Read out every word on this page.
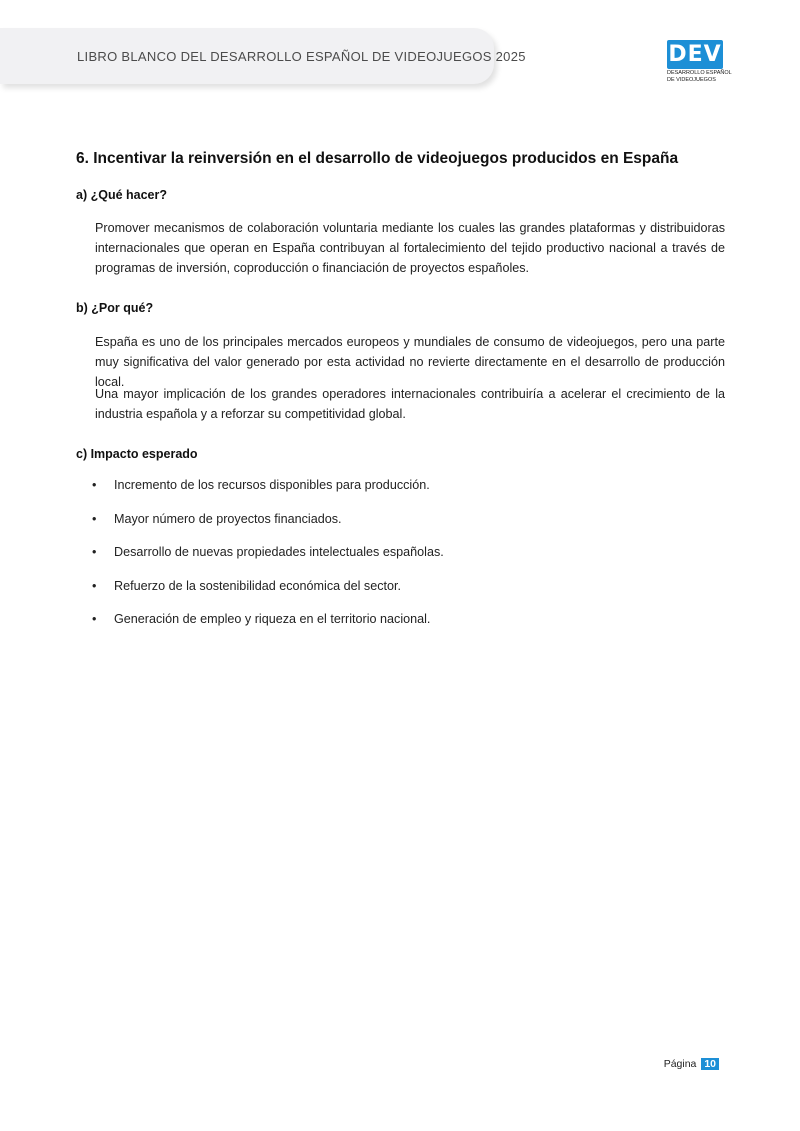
LIBRO BLANCO DEL DESARROLLO ESPAÑOL DE VIDEOJUEGOS 2025	DEV
DESARROLLO ESPAÑOL
DE VIDEOJUEGOS
6. Incentivar la reinversión en el desarrollo de videojuegos producidos en España
a) ¿Qué hacer?
Promover mecanismos de colaboración voluntaria mediante los cuales las grandes plataformas y distribuidoras internacionales que operan en España contribuyan al fortalecimiento del tejido productivo nacional a través de programas de inversión, coproducción o financiación de proyectos españoles.
b) ¿Por qué?
España es uno de los principales mercados europeos y mundiales de consumo de videojuegos, pero una parte muy significativa del valor generado por esta actividad no revierte directamente en el desarrollo de producción local.
Una mayor implicación de los grandes operadores internacionales contribuiría a acelerar el crecimiento de la industria española y a reforzar su competitividad global.
c) Impacto esperado
• Incremento de los recursos disponibles para producción.
• Mayor número de proyectos financiados.
• Desarrollo de nuevas propiedades intelectuales españolas.
• Refuerzo de la sostenibilidad económica del sector.
• Generación de empleo y riqueza en el territorio nacional.
Página 10
